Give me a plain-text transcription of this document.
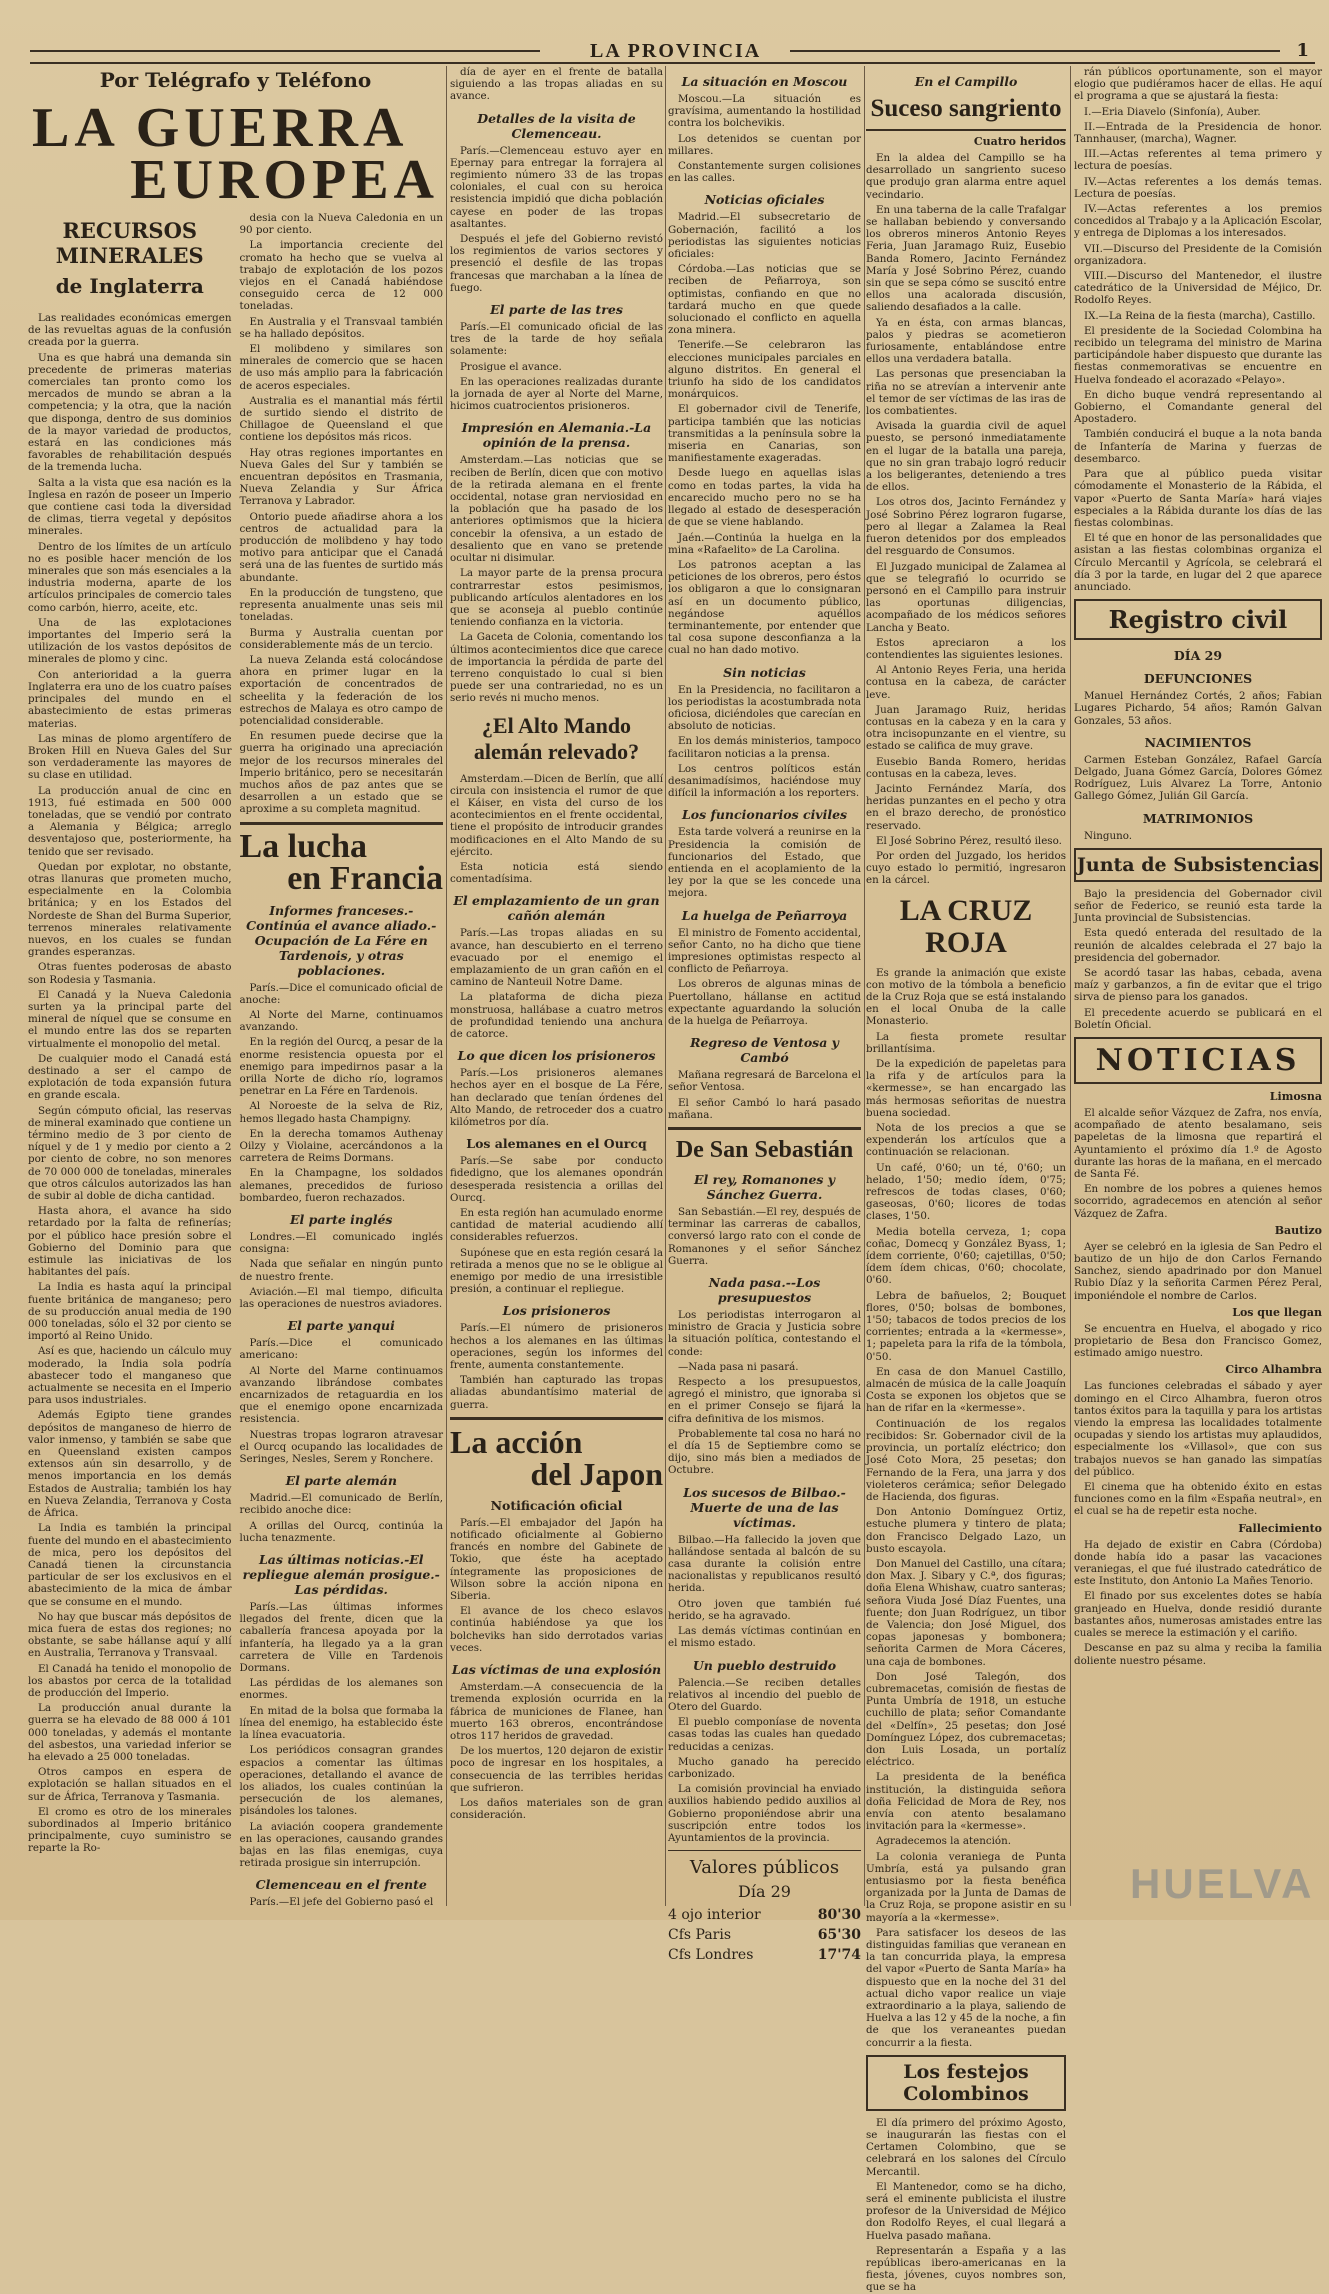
LA PROVINCIA	1
Por Telégrafo y Teléfono
LA GUERRA
EUROPEA
RECURSOS MINERALES
de Inglaterra

Las realidades económicas emergen de las revueltas aguas de la confusión creada por la guerra.

Una es que habrá una demanda sin precedente de primeras materias comerciales tan pronto como los mercados de mundo se abran a la competencia; y la otra, que la nación que disponga, dentro de sus dominios de la mayor variedad de productos, estará en las condiciones más favorables de rehabilitación después de la tremenda lucha.

Salta a la vista que esa nación es la Inglesa en razón de poseer un Imperio que contiene casi toda la diversidad de climas, tierra vegetal y depósitos minerales.

Dentro de los límites de un artículo no es posible hacer mención de los minerales que son más esenciales a la industria moderna, aparte de los artículos principales de comercio tales como carbón, hierro, aceite, etc.

Una de las explotaciones importantes del Imperio será la utilización de los vastos depósitos de minerales de plomo y cinc.

Con anterioridad a la guerra Inglaterra era uno de los cuatro países principales del mundo en el abastecimiento de estas primeras materias.

Las minas de plomo argentífero de Broken Hill en Nueva Gales del Sur son verdaderamente las mayores de su clase en utilidad.

La producción anual de cinc en 1913, fué estimada en 500 000 toneladas, que se vendió por contrato a Alemania y Bélgica; arreglo desventajoso que, posteriormente, ha tenido que ser revisado.

Quedan por explotar, no obstante, otras llanuras que prometen mucho, especialmente en la Colombia británica; y en los Estados del Nordeste de Shan del Burma Superior, terrenos minerales relativamente nuevos, en los cuales se fundan grandes esperanzas.

Otras fuentes poderosas de abasto son Rodesia y Tasmania.

El Canadá y la Nueva Caledonia surten ya la principal parte del mineral de níquel que se consume en el mundo entre las dos se reparten virtualmente el monopolio del metal.

De cualquier modo el Canadá está destinado a ser el campo de explotación de toda expansión futura en grande escala.

Según cómputo oficial, las reservas de mineral examinado que contiene un término medio de 3 por ciento de níquel y de 1 y medio por ciento a 2 por ciento de cobre, no son menores de 70 000 000 de toneladas, minerales que otros cálculos autorizados las han de subir al doble de dicha cantidad.

Hasta ahora, el avance ha sido retardado por la falta de refinerías; por el público hace presión sobre el Gobierno del Dominio para que estimule las iniciativas de los habitantes del país.

La India es hasta aquí la principal fuente británica de manganeso; pero de su producción anual media de 190 000 toneladas, sólo el 32 por ciento se importó al Reino Unido.

Así es que, haciendo un cálculo muy moderado, la India sola podría abastecer todo el manganeso que actualmente se necesita en el Imperio para usos industriales.

Además Egipto tiene grandes depósitos de manganeso de hierro de valor inmenso, y también se sabe que en Queensland existen campos extensos aún sin desarrollo, y de menos importancia en los demás Estados de Australia; también los hay en Nueva Zelandia, Terranova y Costa de África.

La India es también la principal fuente del mundo en el abastecimiento de mica, pero los depósitos del Canadá tienen la circunstancia particular de ser los exclusivos en el abastecimiento de la mica de ámbar que se consume en el mundo.

No hay que buscar más depósitos de mica fuera de estas dos regiones; no obstante, se sabe hállanse aquí y allí en Australia, Terranova y Transvaal.

El Canadá ha tenido el monopolio de los abastos por cerca de la totalidad de producción del Imperio.

La producción anual durante la guerra se ha elevado de 88 000 á 101 000 toneladas, y además el montante del asbestos, una variedad inferior se ha elevado a 25 000 toneladas.

Otros campos en espera de explotación se hallan situados en el sur de África, Terranova y Tasmania.

El cromo es otro de los minerales subordinados al Imperio británico principalmente, cuyo suministro se reparte la Ro-

desia con la Nueva Caledonia en un 90 por ciento.

La importancia creciente del cromato ha hecho que se vuelva al trabajo de explotación de los pozos viejos en el Canadá habiéndose conseguido cerca de 12 000 toneladas.

En Australia y el Transvaal también se ha hallado depósitos.

El molibdeno y similares son minerales de comercio que se hacen de uso más amplio para la fabricación de aceros especiales.

Australia es el manantial más fértil de surtido siendo el distrito de Chillagoe de Queensland el que contiene los depósitos más ricos.

Hay otras regiones importantes en Nueva Gales del Sur y también se encuentran depósitos en Trasmania, Nueva Zelandia y Sur África Terranova y Labrador.

Ontorio puede añadirse ahora a los centros de actualidad para la producción de molibdeno y hay todo motivo para anticipar que el Canadá será una de las fuentes de surtido más abundante.

En la producción de tungsteno, que representa anualmente unas seis mil toneladas.

Burma y Australia cuentan por considerablemente más de un tercio.

La nueva Zelanda está colocándose ahora en primer lugar en la exportación de concentrados de scheelita y la federación de los estrechos de Malaya es otro campo de potencialidad considerable.

En resumen puede decirse que la guerra ha originado una apreciación mejor de los recursos minerales del Imperio británico, pero se necesitarán muchos años de paz antes que se desarrollen a un estado que se aproxime a su completa magnitud.

La lucha
en Francia
Informes franceses.-Continúa el avance aliado.-Ocupación de La Fére en Tardenois, y otras poblaciones.

París.—Dice el comunicado oficial de anoche:

Al Norte del Marne, continuamos avanzando.

En la región del Ourcq, a pesar de la enorme resistencia opuesta por el enemigo para impedirnos pasar a la orilla Norte de dicho río, logramos penetrar en La Fére en Tardenois.

Al Noroeste de la selva de Riz, hemos llegado hasta Champigny.

En la derecha tomamos Authenay Oilzy y Violaine, acercándonos a la carretera de Reims Dormans.

En la Champagne, los soldados alemanes, precedidos de furioso bombardeo, fueron rechazados.

El parte inglés

Londres.—El comunicado inglés consigna:

Nada que señalar en ningún punto de nuestro frente.

Aviación.—El mal tiempo, dificulta las operaciones de nuestros aviadores.

El parte yanqui

París.—Dice el comunicado americano:

Al Norte del Marne continuamos avanzando librándose combates encarnizados de retaguardia en los que el enemigo opone encarnizada resistencia.

Nuestras tropas lograron atravesar el Ourcq ocupando las localidades de Seringes, Nesles, Serem y Ronchere.

El parte alemán

Madrid.—El comunicado de Berlín, recibido anoche dice:

A orillas del Ourcq, continúa la lucha tenazmente.

Las últimas noticias.-El repliegue alemán prosigue.-Las pérdidas.

París.—Las últimas informes llegados del frente, dicen que la caballería francesa apoyada por la infantería, ha llegado ya a la gran carretera de Ville en Tardenois Dormans.

Las pérdidas de los alemanes son enormes.

En mitad de la bolsa que formaba la línea del enemigo, ha establecido éste la línea evacuatoria.

Los periódicos consagran grandes espacios a comentar las últimas operaciones, detallando el avance de los aliados, los cuales continúan la persecución de los alemanes, pisándoles los talones.

La aviación coopera grandemente en las operaciones, causando grandes bajas en las filas enemigas, cuya retirada prosigue sin interrupción.

Clemenceau en el frente

París.—El jefe del Gobierno pasó el

día de ayer en el frente de batalla siguiendo a las tropas aliadas en su avance.

Detalles de la visita de Clemenceau.

París.—Clemenceau estuvo ayer en Epernay para entregar la forrajera al regimiento número 33 de las tropas coloniales, el cual con su heroica resistencia impidió que dicha población cayese en poder de las tropas asaltantes.

Después el jefe del Gobierno revistó los regimientos de varios sectores y presenció el desfile de las tropas francesas que marchaban a la línea de fuego.

El parte de las tres

París.—El comunicado oficial de las tres de la tarde de hoy señala solamente:

Prosigue el avance.

En las operaciones realizadas durante la jornada de ayer al Norte del Marne, hicimos cuatrocientos prisioneros.

Impresión en Alemania.-La opinión de la prensa.

Amsterdam.—Las noticias que se reciben de Berlín, dicen que con motivo de la retirada alemana en el frente occidental, notase gran nerviosidad en la población que ha pasado de los anteriores optimismos que la hiciera concebir la ofensiva, a un estado de desaliento que en vano se pretende ocultar ni disimular.

La mayor parte de la prensa procura contrarrestar estos pesimismos, publicando artículos alentadores en los que se aconseja al pueblo continúe teniendo confianza en la victoria.

La Gaceta de Colonia, comentando los últimos acontecimientos dice que carece de importancia la pérdida de parte del terreno conquistado lo cual si bien puede ser una contrariedad, no es un serio revés ni mucho menos.

¿El Alto Mando alemán relevado?

Amsterdam.—Dicen de Berlín, que allí circula con insistencia el rumor de que el Káiser, en vista del curso de los acontecimientos en el frente occidental, tiene el propósito de introducir grandes modificaciones en el Alto Mando de su ejército.

Esta noticia está siendo comentadísima.

El emplazamiento de un gran cañón alemán

París.—Las tropas aliadas en su avance, han descubierto en el terreno evacuado por el enemigo el emplazamiento de un gran cañón en el camino de Nanteuil Notre Dame.

La plataforma de dicha pieza monstruosa, hallábase a cuatro metros de profundidad teniendo una anchura de catorce.

Lo que dicen los prisioneros

París.—Los prisioneros alemanes hechos ayer en el bosque de La Fére, han declarado que tenían órdenes del Alto Mando, de retroceder dos a cuatro kilómetros por día.

Los alemanes en el Ourcq

París.—Se sabe por conducto fidedigno, que los alemanes opondrán desesperada resistencia a orillas del Ourcq.

En esta región han acumulado enorme cantidad de material acudiendo allí considerables refuerzos.

Supónese que en esta región cesará la retirada a menos que no se le obligue al enemigo por medio de una irresistible presión, a continuar el repliegue.

Los prisioneros

París.—El número de prisioneros hechos a los alemanes en las últimas operaciones, según los informes del frente, aumenta constantemente.

También han capturado las tropas aliadas abundantísimo material de guerra.

La acción
del Japon
Notificación oficial

París.—El embajador del Japón ha notificado oficialmente al Gobierno francés en nombre del Gabinete de Tokio, que éste ha aceptado íntegramente las proposiciones de Wilson sobre la acción nipona en Siberia.

El avance de los checo eslavos continúa habiéndose ya que los bolcheviks han sido derrotados varias veces.

Las víctimas de una explosión

Amsterdam.—A consecuencia de la tremenda explosión ocurrida en la fábrica de municiones de Flanee, han muerto 163 obreros, encontrándose otros 117 heridos de gravedad.

De los muertos, 120 dejaron de existir poco de ingresar en los hospitales, a consecuencia de las terribles heridas que sufrieron.

Los daños materiales son de gran consideración.

La situación en Moscou

Moscou.—La situación es gravísima, aumentando la hostilidad contra los bolchevikis.

Los detenidos se cuentan por millares.

Constantemente surgen colisiones en las calles.

Noticias oficiales

Madrid.—El subsecretario de Gobernación, facilitó a los periodistas las siguientes noticias oficiales:

Córdoba.—Las noticias que se reciben de Peñarroya, son optimistas, confiando en que no tardará mucho en que quede solucionado el conflicto en aquella zona minera.

Tenerife.—Se celebraron las elecciones municipales parciales en alguno distritos. En general el triunfo ha sido de los candidatos monárquicos.

El gobernador civil de Tenerife, participa también que las noticias transmitidas a la península sobre la miseria en Canarias, son manifiestamente exageradas.

Desde luego en aquellas islas como en todas partes, la vida ha encarecido mucho pero no se ha llegado al estado de desesperación de que se viene hablando.

Jaén.—Continúa la huelga en la mina «Rafaelito» de La Carolina.

Los patronos aceptan a las peticiones de los obreros, pero éstos los obligaron a que lo consignaran así en un documento público, negándose aquéllos terminantemente, por entender que tal cosa supone desconfianza a la cual no han dado motivo.

Sin noticias

En la Presidencia, no facilitaron a los periodistas la acostumbrada nota oficiosa, diciéndoles que carecían en absoluto de noticias.

En los demás ministerios, tampoco facilitaron noticias a la prensa.

Los centros políticos están desanimadísimos, haciéndose muy difícil la información a los reporters.

Los funcionarios civiles

Esta tarde volverá a reunirse en la Presidencia la comisión de funcionarios del Estado, que entienda en el acoplamiento de la ley por la que se les concede una mejora.

La huelga de Peñarroya

El ministro de Fomento accidental, señor Canto, no ha dicho que tiene impresiones optimistas respecto al conflicto de Peñarroya.

Los obreros de algunas minas de Puertollano, hállanse en actitud expectante aguardando la solución de la huelga de Peñarroya.

Regreso de Ventosa y Cambó

Mañana regresará de Barcelona el señor Ventosa.

El señor Cambó lo hará pasado mañana.

De San Sebastián
El rey, Romanones y Sánchez Guerra.

San Sebastián.—El rey, después de terminar las carreras de caballos, conversó largo rato con el conde de Romanones y el señor Sánchez Guerra.

Nada pasa.--Los presupuestos

Los periodistas interrogaron al ministro de Gracia y Justicia sobre la situación política, contestando el conde:

—Nada pasa ni pasará.

Respecto a los presupuestos, agregó el ministro, que ignoraba si en el primer Consejo se fijará la cifra definitiva de los mismos.

Probablemente tal cosa no hará no el día 15 de Septiembre como se dijo, sino más bien a mediados de Octubre.

Los sucesos de Bilbao.-Muerte de una de las víctimas.

Bilbao.—Ha fallecido la joven que hallándose sentada al balcón de su casa durante la colisión entre nacionalistas y republicanos resultó herida.

Otro joven que también fué herido, se ha agravado.

Las demás víctimas continúan en el mismo estado.

Un pueblo destruido

Palencia.—Se reciben detalles relativos al incendio del pueblo de Otero del Guardo.

El pueblo componíase de noventa casas todas las cuales han quedado reducidas a cenizas.

Mucho ganado ha perecido carbonizado.

La comisión provincial ha enviado auxilios habiendo pedido auxilios al Gobierno proponiéndose abrir una suscripción entre todos los Ayuntamientos de la provincia.

Valores públicos
Día 29
4 ojo interior	80'30
Cfs Paris	65'30
Cfs Londres	17'74
En el Campillo
Suceso sangriento
Cuatro heridos

En la aldea del Campillo se ha desarrollado un sangriento suceso que produjo gran alarma entre aquel vecindario.

En una taberna de la calle Trafalgar se hallaban bebiendo y conversando los obreros mineros Antonio Reyes Feria, Juan Jaramago Ruiz, Eusebio Banda Romero, Jacinto Fernández María y José Sobrino Pérez, cuando sin que se sepa cómo se suscitó entre ellos una acalorada discusión, saliendo desafiados a la calle.

Ya en ésta, con armas blancas, palos y piedras se acometieron furiosamente, entablándose entre ellos una verdadera batalla.

Las personas que presenciaban la riña no se atrevían a intervenir ante el temor de ser víctimas de las iras de los combatientes.

Avisada la guardia civil de aquel puesto, se personó inmediatamente en el lugar de la batalla una pareja, que no sin gran trabajo logró reducir a los beligerantes, deteniendo a tres de ellos.

Los otros dos, Jacinto Fernández y José Sobrino Pérez lograron fugarse, pero al llegar a Zalamea la Real fueron detenidos por dos empleados del resguardo de Consumos.

El Juzgado municipal de Zalamea al que se telegrafió lo ocurrido se personó en el Campillo para instruir las oportunas diligencias, acompañado de los médicos señores Lancha y Beato.

Estos apreciaron a los contendientes las siguientes lesiones.

Al Antonio Reyes Feria, una herida contusa en la cabeza, de carácter leve.

Juan Jaramago Ruiz, heridas contusas en la cabeza y en la cara y otra incisopunzante en el vientre, su estado se califica de muy grave.

Eusebio Banda Romero, heridas contusas en la cabeza, leves.

Jacinto Fernández María, dos heridas punzantes en el pecho y otra en el brazo derecho, de pronóstico reservado.

El José Sobrino Pérez, resultó ileso.

Por orden del Juzgado, los heridos cuyo estado lo permitió, ingresaron en la cárcel.

LA CRUZ ROJA

Es grande la animación que existe con motivo de la tómbola a beneficio de la Cruz Roja que se está instalando en el local Onuba de la calle Monasterio.

La fiesta promete resultar brillantísima.

De la expedición de papeletas para la rifa y de artículos para la «kermesse», se han encargado las más hermosas señoritas de nuestra buena sociedad.

Nota de los precios a que se expenderán los artículos que a continuación se relacionan.

Un café, 0'60; un té, 0'60; un helado, 1'50; medio ídem, 0'75; refrescos de todas clases, 0'60; gaseosas, 0'60; licores de todas clases, 1'50.

Media botella cerveza, 1; copa coñac, Domecq y González Byass, 1; ídem corriente, 0'60; cajetillas, 0'50; ídem ídem chicas, 0'60; chocolate, 0'60.

Lebra de bañuelos, 2; Bouquet flores, 0'50; bolsas de bombones, 1'50; tabacos de todos precios de los corrientes; entrada a la «kermesse», 1; papeleta para la rifa de la tómbola, 0'50.

En casa de don Manuel Castillo, almacén de música de la calle Joaquín Costa se exponen los objetos que se han de rifar en la «kermesse».

Continuación de los regalos recibidos: Sr. Gobernador civil de la provincia, un portalíz eléctrico; don José Coto Mora, 25 pesetas; don Fernando de la Fera, una jarra y dos violeteros cerámica; señor Delegado de Hacienda, dos figuras.

Don Antonio Domínguez Ortiz, estuche plumera y tintero de plata; don Francisco Delgado Lazo, un busto escayola.

Don Manuel del Castillo, una cítara; don Max. J. Sibary y C.ª, dos figuras; doña Elena Whishaw, cuatro santeras; señora Viuda José Díaz Fuentes, una fuente; don Juan Rodríguez, un tibor de Valencia; don José Miguel, dos copas japonesas y bombonera; señorita Carmen de Mora Cáceres, una caja de bombones.

Don José Talegón, dos cubremacetas, comisión de fiestas de Punta Umbría de 1918, un estuche cuchillo de plata; señor Comandante del «Delfín», 25 pesetas; don José Domínguez López, dos cubremacetas; don Luis Losada, un portalíz eléctrico.

La presidenta de la benéfica institución, la distinguida señora doña Felicidad de Mora de Rey, nos envía con atento besalamano invitación para la «kermesse».

Agradecemos la atención.

La colonia veraniega de Punta Umbría, está ya pulsando gran entusiasmo por la fiesta benéfica organizada por la Junta de Damas de la Cruz Roja, se propone asistir en su mayoría a la «kermesse».

Para satisfacer los deseos de las distinguidas familias que veranean en la tan concurrida playa, la empresa del vapor «Puerto de Santa María» ha dispuesto que en la noche del 31 del actual dicho vapor realice un viaje extraordinario a la playa, saliendo de Huelva a las 12 y 45 de la noche, a fin de que los veraneantes puedan concurrir a la fiesta.

Los festejos Colombinos

El día primero del próximo Agosto, se inaugurarán las fiestas con el Certamen Colombino, que se celebrará en los salones del Círculo Mercantil.

El Mantenedor, como se ha dicho, será el eminente publicista el ilustre profesor de la Universidad de Méjico don Rodolfo Reyes, el cual llegará a Huelva pasado mañana.

Representarán a España y a las repúblicas ibero-americanas en la fiesta, jóvenes, cuyos nombres son, que se ha

rán públicos oportunamente, son el mayor elogio que pudiéramos hacer de ellas. He aquí el programa a que se ajustará la fiesta:

I.—Eria Diavelo (Sinfonía), Auber.

II.—Entrada de la Presidencia de honor. Tannhauser, (marcha), Wagner.

III.—Actas referentes al tema primero y lectura de poesías.

IV.—Actas referentes a los demás temas. Lectura de poesías.

IV.—Actas referentes a los premios concedidos al Trabajo y a la Aplicación Escolar, y entrega de Diplomas a los interesados.

VII.—Discurso del Presidente de la Comisión organizadora.

VIII.—Discurso del Mantenedor, el ilustre catedrático de la Universidad de Méjico, Dr. Rodolfo Reyes.

IX.—La Reina de la fiesta (marcha), Castillo.

El presidente de la Sociedad Colombina ha recibido un telegrama del ministro de Marina participándole haber dispuesto que durante las fiestas conmemorativas se encuentre en Huelva fondeado el acorazado «Pelayo».

En dicho buque vendrá representando al Gobierno, el Comandante general del Apostadero.

También conducirá el buque a la nota banda de Infantería de Marina y fuerzas de desembarco.

Para que al público pueda visitar cómodamente el Monasterio de la Rábida, el vapor «Puerto de Santa María» hará viajes especiales a la Rábida durante los días de las fiestas colombinas.

El té que en honor de las personalidades que asistan a las fiestas colombinas organiza el Círculo Mercantil y Agrícola, se celebrará el día 3 por la tarde, en lugar del 2 que aparece anunciado.

Registro civil
DÍA 29
DEFUNCIONES

Manuel Hernández Cortés, 2 años; Fabian Lugares Pichardo, 54 años; Ramón Galvan Gonzales, 53 años.

NACIMIENTOS

Carmen Esteban González, Rafael García Delgado, Juana Gómez García, Dolores Gómez Rodríguez, Luis Alvarez La Torre, Antonio Gallego Gómez, Julián Gil García.

MATRIMONIOS

Ninguno.

Junta de Subsistencias

Bajo la presidencia del Gobernador civil señor de Federico, se reunió esta tarde la Junta provincial de Subsistencias.

Esta quedó enterada del resultado de la reunión de alcaldes celebrada el 27 bajo la presidencia del gobernador.

Se acordó tasar las habas, cebada, avena maíz y garbanzos, a fin de evitar que el trigo sirva de pienso para los ganados.

El precedente acuerdo se publicará en el Boletín Oficial.

NOTICIAS
Limosna

El alcalde señor Vázquez de Zafra, nos envía, acompañado de atento besalamano, seis papeletas de la limosna que repartirá el Ayuntamiento el próximo día 1.º de Agosto durante las horas de la mañana, en el mercado de Santa Fé.

En nombre de los pobres a quienes hemos socorrido, agradecemos en atención al señor Vázquez de Zafra.

Bautizo

Ayer se celebró en la iglesia de San Pedro el bautizo de un hijo de don Carlos Fernando Sanchez, siendo apadrinado por don Manuel Rubio Díaz y la señorita Carmen Pérez Peral, imponiéndole el nombre de Carlos.

Los que llegan

Se encuentra en Huelva, el abogado y rico propietario de Besa don Francisco Gomez, estimado amigo nuestro.

Circo Alhambra

Las funciones celebradas el sábado y ayer domingo en el Circo Alhambra, fueron otros tantos éxitos para la taquilla y para los artistas viendo la empresa las localidades totalmente ocupadas y siendo los artistas muy aplaudidos, especialmente los «Villasol», que con sus trabajos nuevos se han ganado las simpatías del público.

El cinema que ha obtenido éxito en estas funciones como en la film «España neutral», en el cual se ha de repetir esta noche.

Fallecimiento

Ha dejado de existir en Cabra (Córdoba) donde había ido a pasar las vacaciones veraniegas, el que fué ilustrado catedrático de este Instituto, don Antonio La Mañes Tenorio.

El finado por sus excelentes dotes se había granjeado en Huelva, donde residió durante bastantes años, numerosas amistades entre las cuales se merece la estimación y el cariño.

Descanse en paz su alma y reciba la familia doliente nuestro pésame.

HUELVA
